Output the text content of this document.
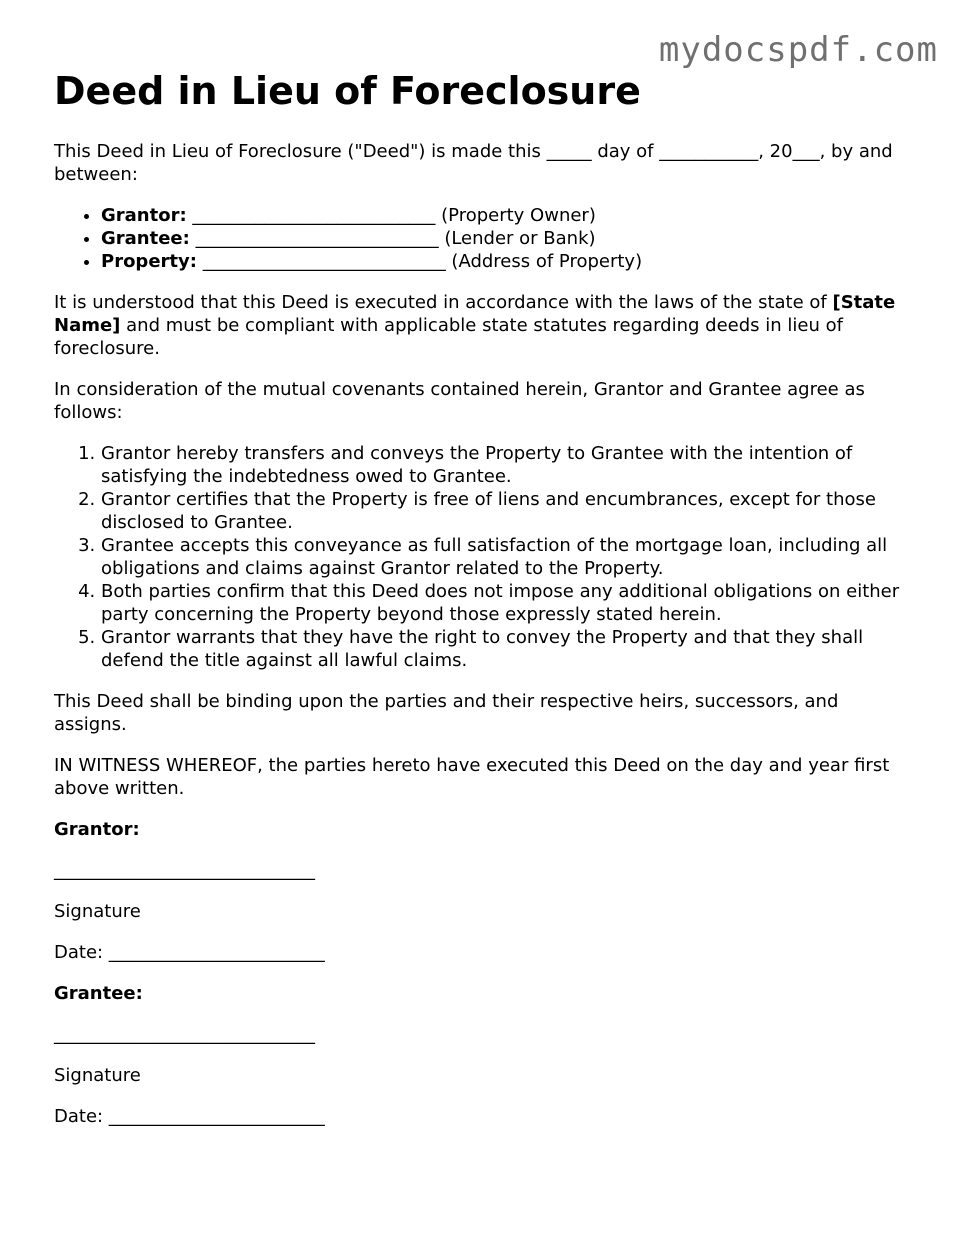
mydocspdf.com
Deed in Lieu of Foreclosure

This Deed in Lieu of Foreclosure ("Deed") is made this _____ day of ___________, 20___, by and between:

• Grantor: ___________________________ (Property Owner)
• Grantee: ___________________________ (Lender or Bank)
• Property: ___________________________ (Address of Property)

It is understood that this Deed is executed in accordance with the laws of the state of [State Name] and must be compliant with applicable state statutes regarding deeds in lieu of foreclosure.

In consideration of the mutual covenants contained herein, Grantor and Grantee agree as follows:

1. Grantor hereby transfers and conveys the Property to Grantee with the intention of satisfying the indebtedness owed to Grantee.
2. Grantor certifies that the Property is free of liens and encumbrances, except for those disclosed to Grantee.
3. Grantee accepts this conveyance as full satisfaction of the mortgage loan, including all obligations and claims against Grantor related to the Property.
4. Both parties confirm that this Deed does not impose any additional obligations on either party concerning the Property beyond those expressly stated herein.
5. Grantor warrants that they have the right to convey the Property and that they shall defend the title against all lawful claims.

This Deed shall be binding upon the parties and their respective heirs, successors, and assigns.

IN WITNESS WHEREOF, the parties hereto have executed this Deed on the day and year first above written.

Grantor:
_____________________________
Signature
Date: ________________________
Grantee:
_____________________________
Signature
Date: ________________________
